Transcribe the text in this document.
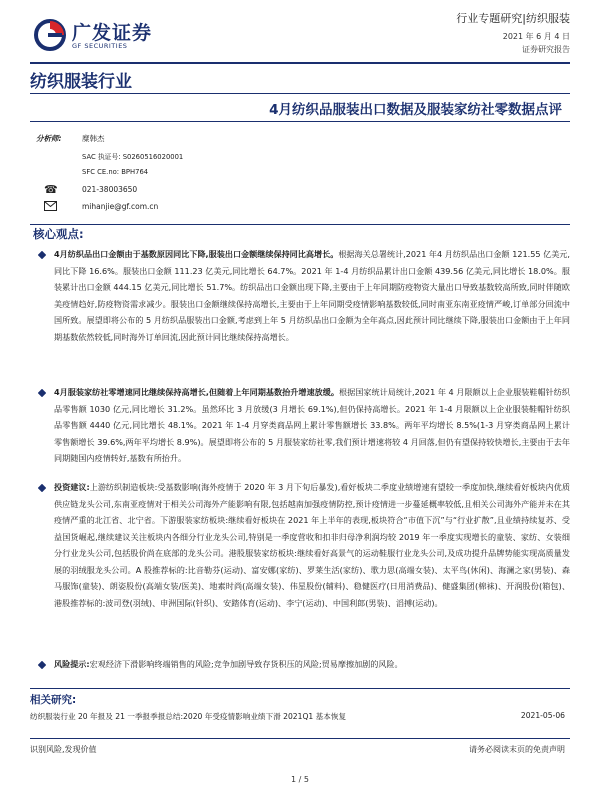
广发证券
GF SECURITIES
行业专题研究|纺织服装
2021 年 6 月 4 日
证券研究报告
纺织服装行业
4月纺织品服装出口数据及服装家纺社零数据点评
分析师:	糜韩杰
SAC 执证号: S0260516020001
SFC CE.no: BPH764
☎	021-38003650
mihanjie@gf.com.cn
核心观点:
4月纺织品出口金额由于基数原因同比下降,服装出口金额继续保持同比高增长。根据海关总署统计,2021 年4 月纺织品出口金额 121.55 亿美元,同比下降 16.6%。服装出口金额 111.23 亿美元,同比增长 64.7%。2021 年 1-4 月纺织品累计出口金额 439.56 亿美元,同比增长 18.0%。服装累计出口金额 444.15 亿美元,同比增长 51.7%。纺织品出口金额出现下降,主要由于上年同期防疫物资大量出口导致基数较高所致,同时伴随欧美疫情趋好,防疫物资需求减少。服装出口金额继续保持高增长,主要由于上年同期受疫情影响基数较低,同时南亚东南亚疫情严峻,订单部分回流中国所致。展望即将公布的 5 月纺织品服装出口金额,考虑到上年 5 月纺织品出口金额为全年高点,因此预计同比继续下降,服装出口金额由于上年同期基数依然较低,同时海外订单回流,因此预计同比继续保持高增长。
4月服装家纺社零增速同比继续保持高增长,但随着上年同期基数抬升增速放缓。根据国家统计局统计,2021 年 4 月限额以上企业服装鞋帽针纺织品零售额 1030 亿元,同比增长 31.2%。虽然环比 3 月放缓(3 月增长 69.1%),但仍保持高增长。2021 年 1-4 月限额以上企业服装鞋帽针纺织品零售额 4440 亿元,同比增长 48.1%。2021 年 1-4 月穿类商品网上累计零售额增长 33.8%。两年平均增长 8.5%(1-3 月穿类商品网上累计零售额增长 39.6%,两年平均增长 8.9%)。展望即将公布的 5 月服装家纺社零,我们预计增速将较 4 月回落,但仍有望保持较快增长,主要由于去年同期随国内疫情转好,基数有所抬升。
投资建议:上游纺织制造板块:受基数影响(海外疫情于 2020 年 3 月下旬后暴发),看好板块二季度业绩增速有望较一季度加快,继续看好板块内优质供应链龙头公司,东南亚疫情对于相关公司海外产能影响有限,包括越南加强疫情防控,预计疫情进一步蔓延概率较低,且相关公司海外产能并未在其疫情严重的北江省、北宁省。下游服装家纺板块:继续看好板块在 2021 年上半年的表现,板块符合“市值下沉”与“行业扩散”,且业绩持续复苏、受益国货崛起,继续建议关注板块内各细分行业龙头公司,特别是一季度营收和扣非归母净利润均较 2019 年一季度实现增长的童装、家纺、女装细分行业龙头公司,包括股价尚在底部的龙头公司。港股服装家纺板块:继续看好高景气的运动鞋服行业龙头公司,及成功提升品牌势能实现高质量发展的羽绒服龙头公司。A 股推荐标的:比音勒芬(运动)、富安娜(家纺)、罗莱生活(家纺)、歌力思(高端女装)、太平鸟(休闲)、海澜之家(男装)、森马服饰(童装)、朗姿股份(高端女装/医美)、地素时尚(高端女装)、伟星股份(辅料)、稳健医疗(日用消费品)、健盛集团(棉袜)、开润股份(箱包)、港股推荐标的:波司登(羽绒)、申洲国际(针织)、安踏体育(运动)、李宁(运动)、中国利郎(男装)、滔搏(运动)。
风险提示:宏观经济下滑影响终端销售的风险;竞争加剧导致存货积压的风险;贸易摩擦加剧的风险。
相关研究:
纺织服装行业 20 年报及 21 一季报季报总结:2020 年受疫情影响业绩下滑 2021Q1 基本恢复	2021-05-06
识别风险,发现价值	请务必阅读末页的免责声明
1 / 5
